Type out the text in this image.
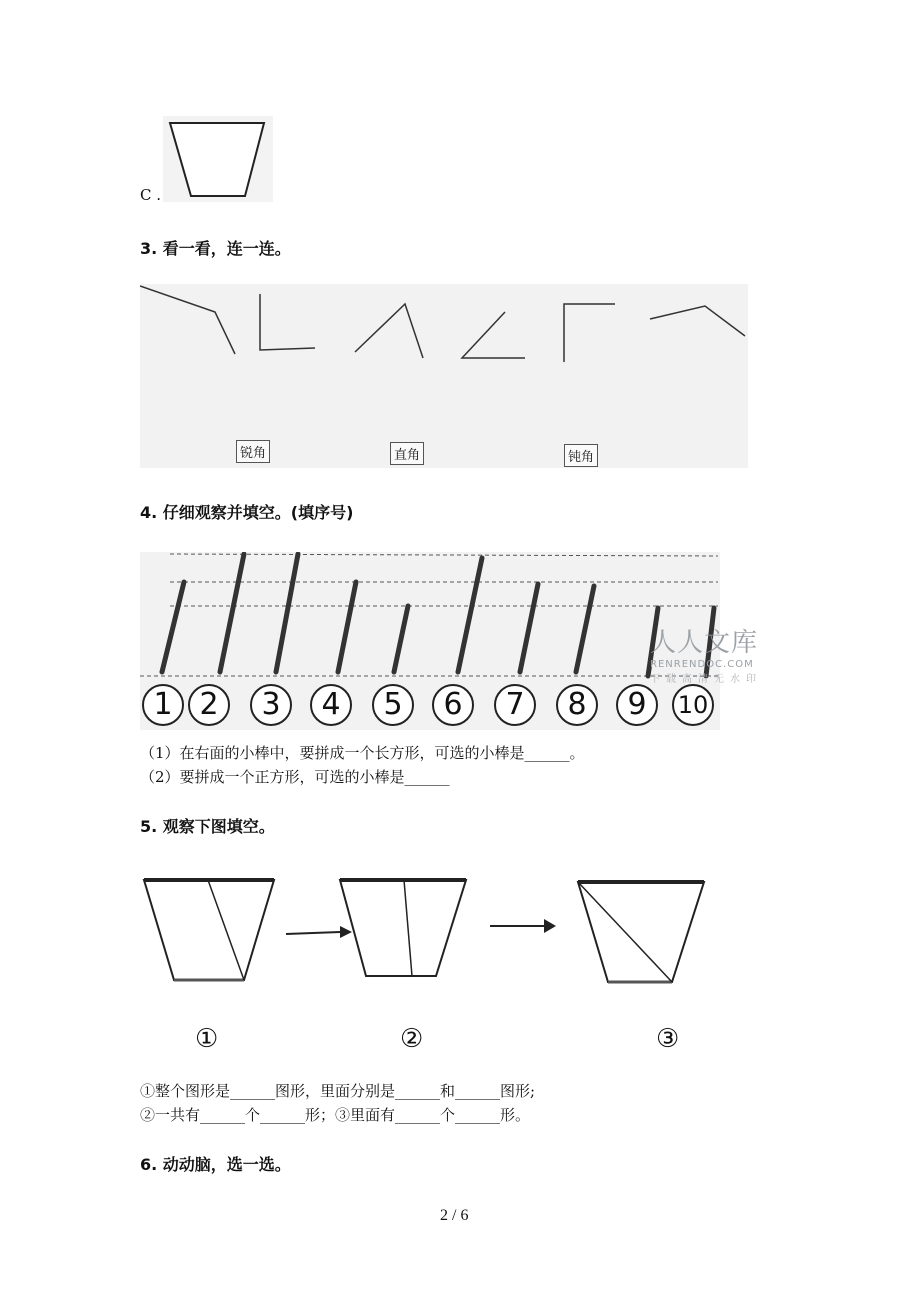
C .
3. 看一看，连一连。
锐角	直角	钝角
4. 仔细观察并填空。(填序号)
1 2	3	4	5	6	7	8	9	10
人人文库
RENRENDOC.COM
下载高清无水印
（1）在右面的小棒中，要拼成一个长方形，可选的小棒是______。
（2）要拼成一个正方形，可选的小棒是______
5. 观察下图填空。
①	②	③
①整个图形是______图形，里面分别是______和______图形;
②一共有______个______形；③里面有______个______形。
6. 动动脑，选一选。
2 / 6
